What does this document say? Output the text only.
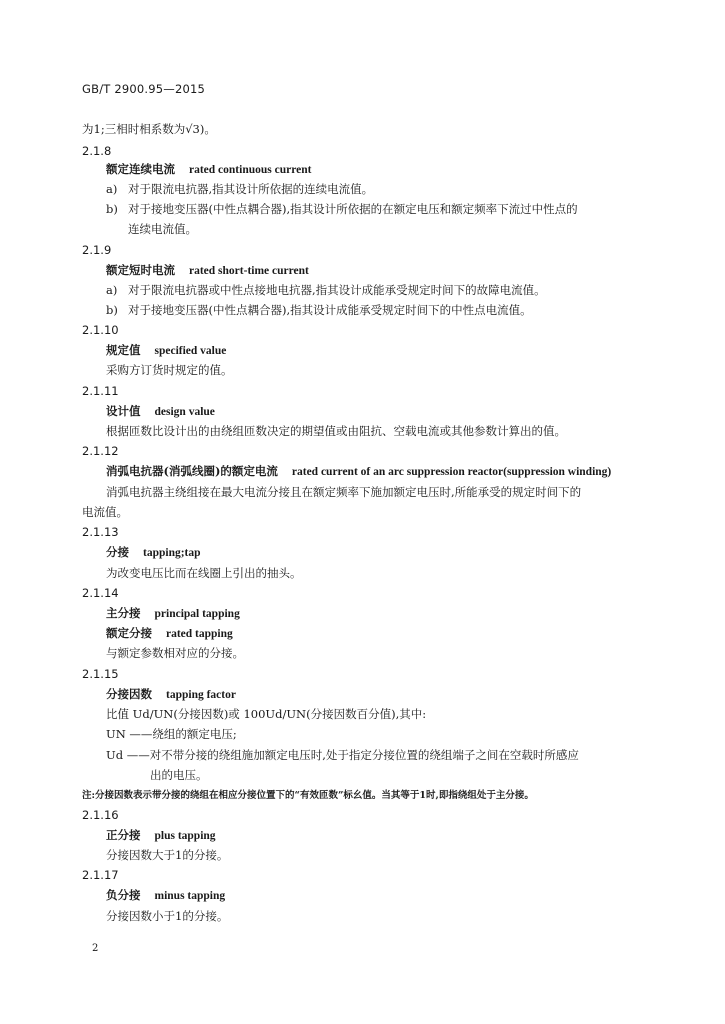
GB/T 2900.95—2015
为1;三相时相系数为√3)。
2.1.8
额定连续电流 rated continuous current
a) 对于限流电抗器,指其设计所依据的连续电流值。
b) 对于接地变压器(中性点耦合器),指其设计所依据的在额定电压和额定频率下流过中性点的
连续电流值。
2.1.9
额定短时电流 rated short-time current
a) 对于限流电抗器或中性点接地电抗器,指其设计成能承受规定时间下的故障电流值。
b) 对于接地变压器(中性点耦合器),指其设计成能承受规定时间下的中性点电流值。
2.1.10
规定值 specified value
采购方订货时规定的值。
2.1.11
设计值 design value
根据匝数比设计出的由绕组匝数决定的期望值或由阻抗、空载电流或其他参数计算出的值。
2.1.12
消弧电抗器(消弧线圈)的额定电流 rated current of an arc suppression reactor(suppression winding)
消弧电抗器主绕组接在最大电流分接且在额定频率下施加额定电压时,所能承受的规定时间下的
电流值。
2.1.13
分接 tapping;tap
为改变电压比而在线圈上引出的抽头。
2.1.14
主分接 principal tapping
额定分接 rated tapping
与额定参数相对应的分接。
2.1.15
分接因数 tapping factor
比值 Ud/UN(分接因数)或 100Ud/UN(分接因数百分值),其中:
UN ——绕组的额定电压;
Ud ——对不带分接的绕组施加额定电压时,处于指定分接位置的绕组端子之间在空载时所感应
出的电压。
注:分接因数表示带分接的绕组在相应分接位置下的“有效匝数”标幺值。当其等于1时,即指绕组处于主分接。
2.1.16
正分接 plus tapping
分接因数大于1的分接。
2.1.17
负分接 minus tapping
分接因数小于1的分接。
2
